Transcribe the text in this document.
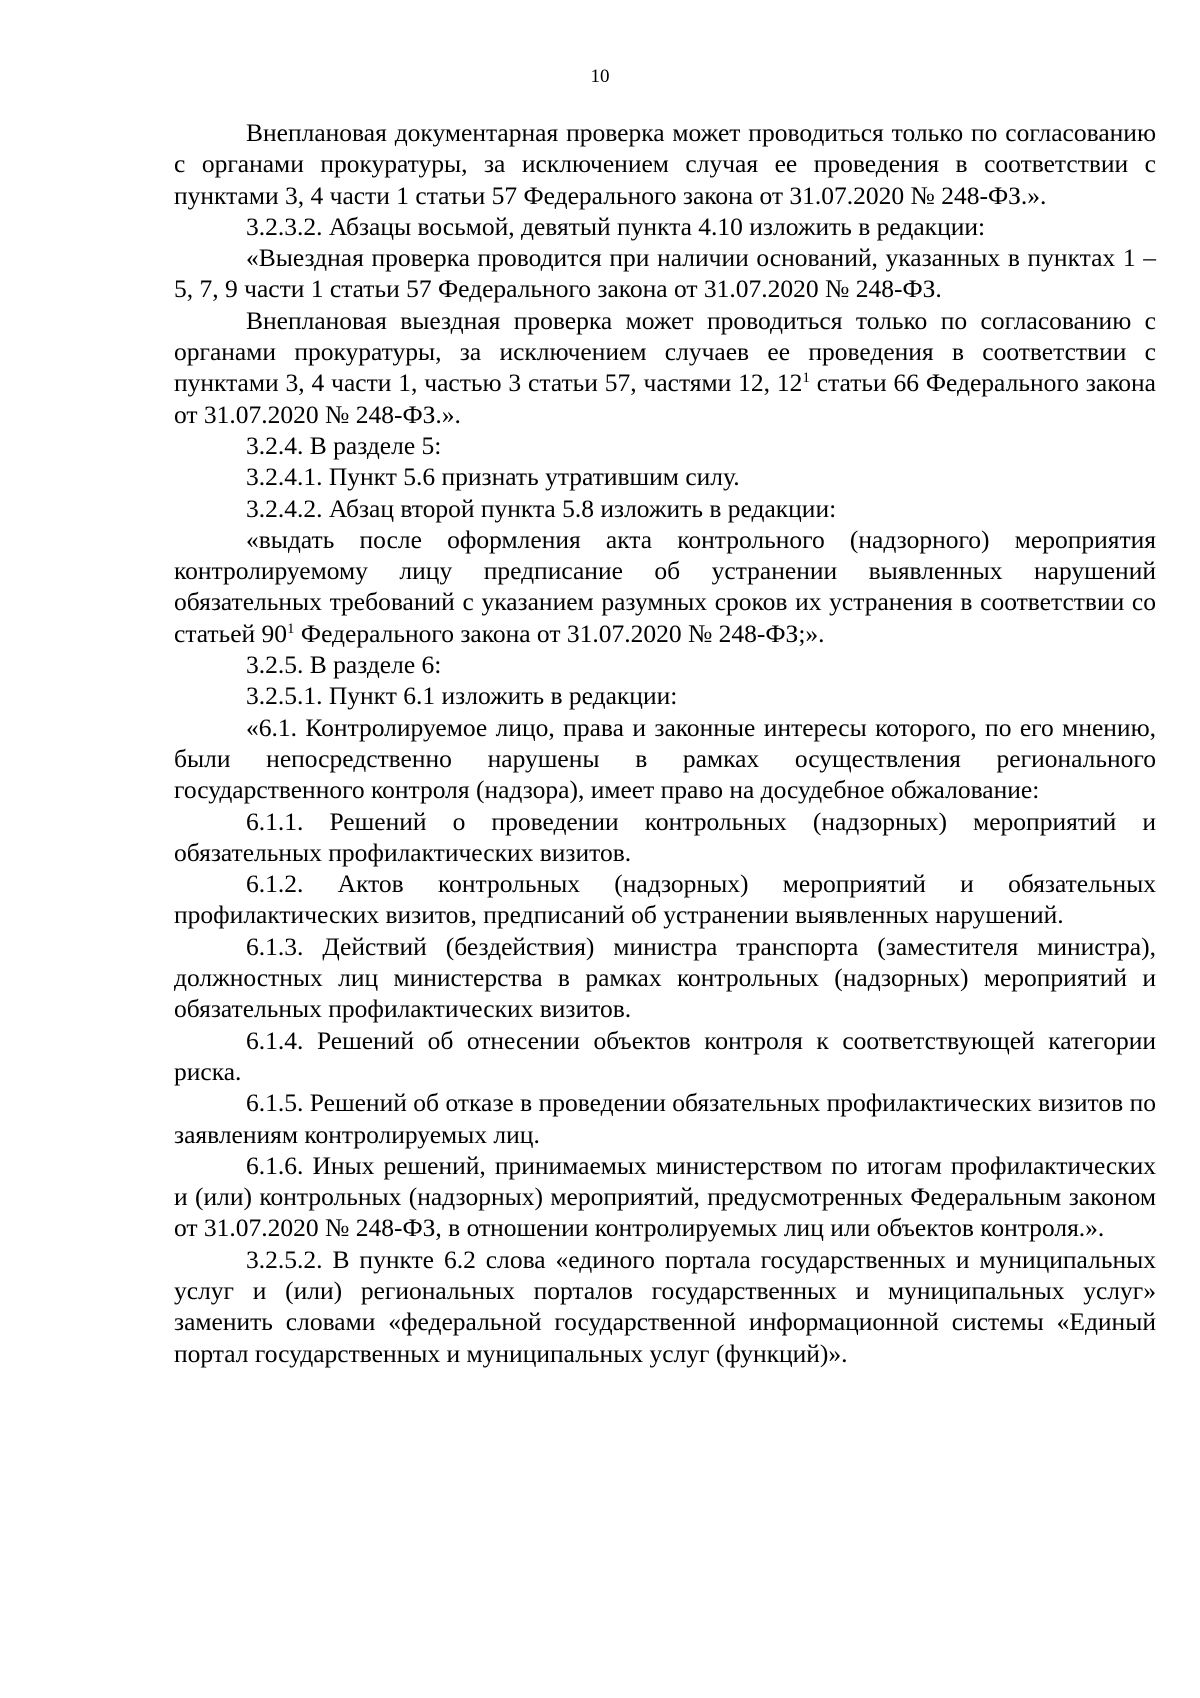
10

Внеплановая документарная проверка может проводиться только по согласованию с органами прокуратуры, за исключением случая ее проведения в соответствии с пунктами 3, 4 части 1 статьи 57 Федерального закона от 31.07.2020 № 248-ФЗ.».

3.2.3.2. Абзацы восьмой, девятый пункта 4.10 изложить в редакции:

«Выездная проверка проводится при наличии оснований, указанных в пунктах 1 – 5, 7, 9 части 1 статьи 57 Федерального закона от 31.07.2020 № 248-ФЗ.

Внеплановая выездная проверка может проводиться только по согласованию с органами прокуратуры, за исключением случаев ее проведения в соответствии с пунктами 3, 4 части 1, частью 3 статьи 57, частями 12, $12^1$ статьи 66 Федерального закона от 31.07.2020 № 248-ФЗ.».

3.2.4. В разделе 5:

3.2.4.1. Пункт 5.6 признать утратившим силу.

3.2.4.2. Абзац второй пункта 5.8 изложить в редакции:

«выдать после оформления акта контрольного (надзорного) мероприятия контролируемому лицу предписание об устранении выявленных нарушений обязательных требований с указанием разумных сроков их устранения в соответствии со статьей $90^1$ Федерального закона от 31.07.2020 № 248-ФЗ;».

3.2.5. В разделе 6:

3.2.5.1. Пункт 6.1 изложить в редакции:

«6.1. Контролируемое лицо, права и законные интересы которого, по его мнению, были непосредственно нарушены в рамках осуществления регионального государственного контроля (надзора), имеет право на досудебное обжалование:

6.1.1. Решений о проведении контрольных (надзорных) мероприятий и обязательных профилактических визитов.

6.1.2. Актов контрольных (надзорных) мероприятий и обязательных профилактических визитов, предписаний об устранении выявленных нарушений.

6.1.3. Действий (бездействия) министра транспорта (заместителя министра), должностных лиц министерства в рамках контрольных (надзорных) мероприятий и обязательных профилактических визитов.

6.1.4. Решений об отнесении объектов контроля к соответствующей категории риска.

6.1.5. Решений об отказе в проведении обязательных профилактических визитов по заявлениям контролируемых лиц.

6.1.6. Иных решений, принимаемых министерством по итогам профилактических и (или) контрольных (надзорных) мероприятий, предусмотренных Федеральным законом от 31.07.2020 № 248-ФЗ, в отношении контролируемых лиц или объектов контроля.».

3.2.5.2. В пункте 6.2 слова «единого портала государственных и муниципальных услуг и (или) региональных порталов государственных и муниципальных услуг» заменить словами «федеральной государственной информационной системы «Единый портал государственных и муниципальных услуг (функций)».
